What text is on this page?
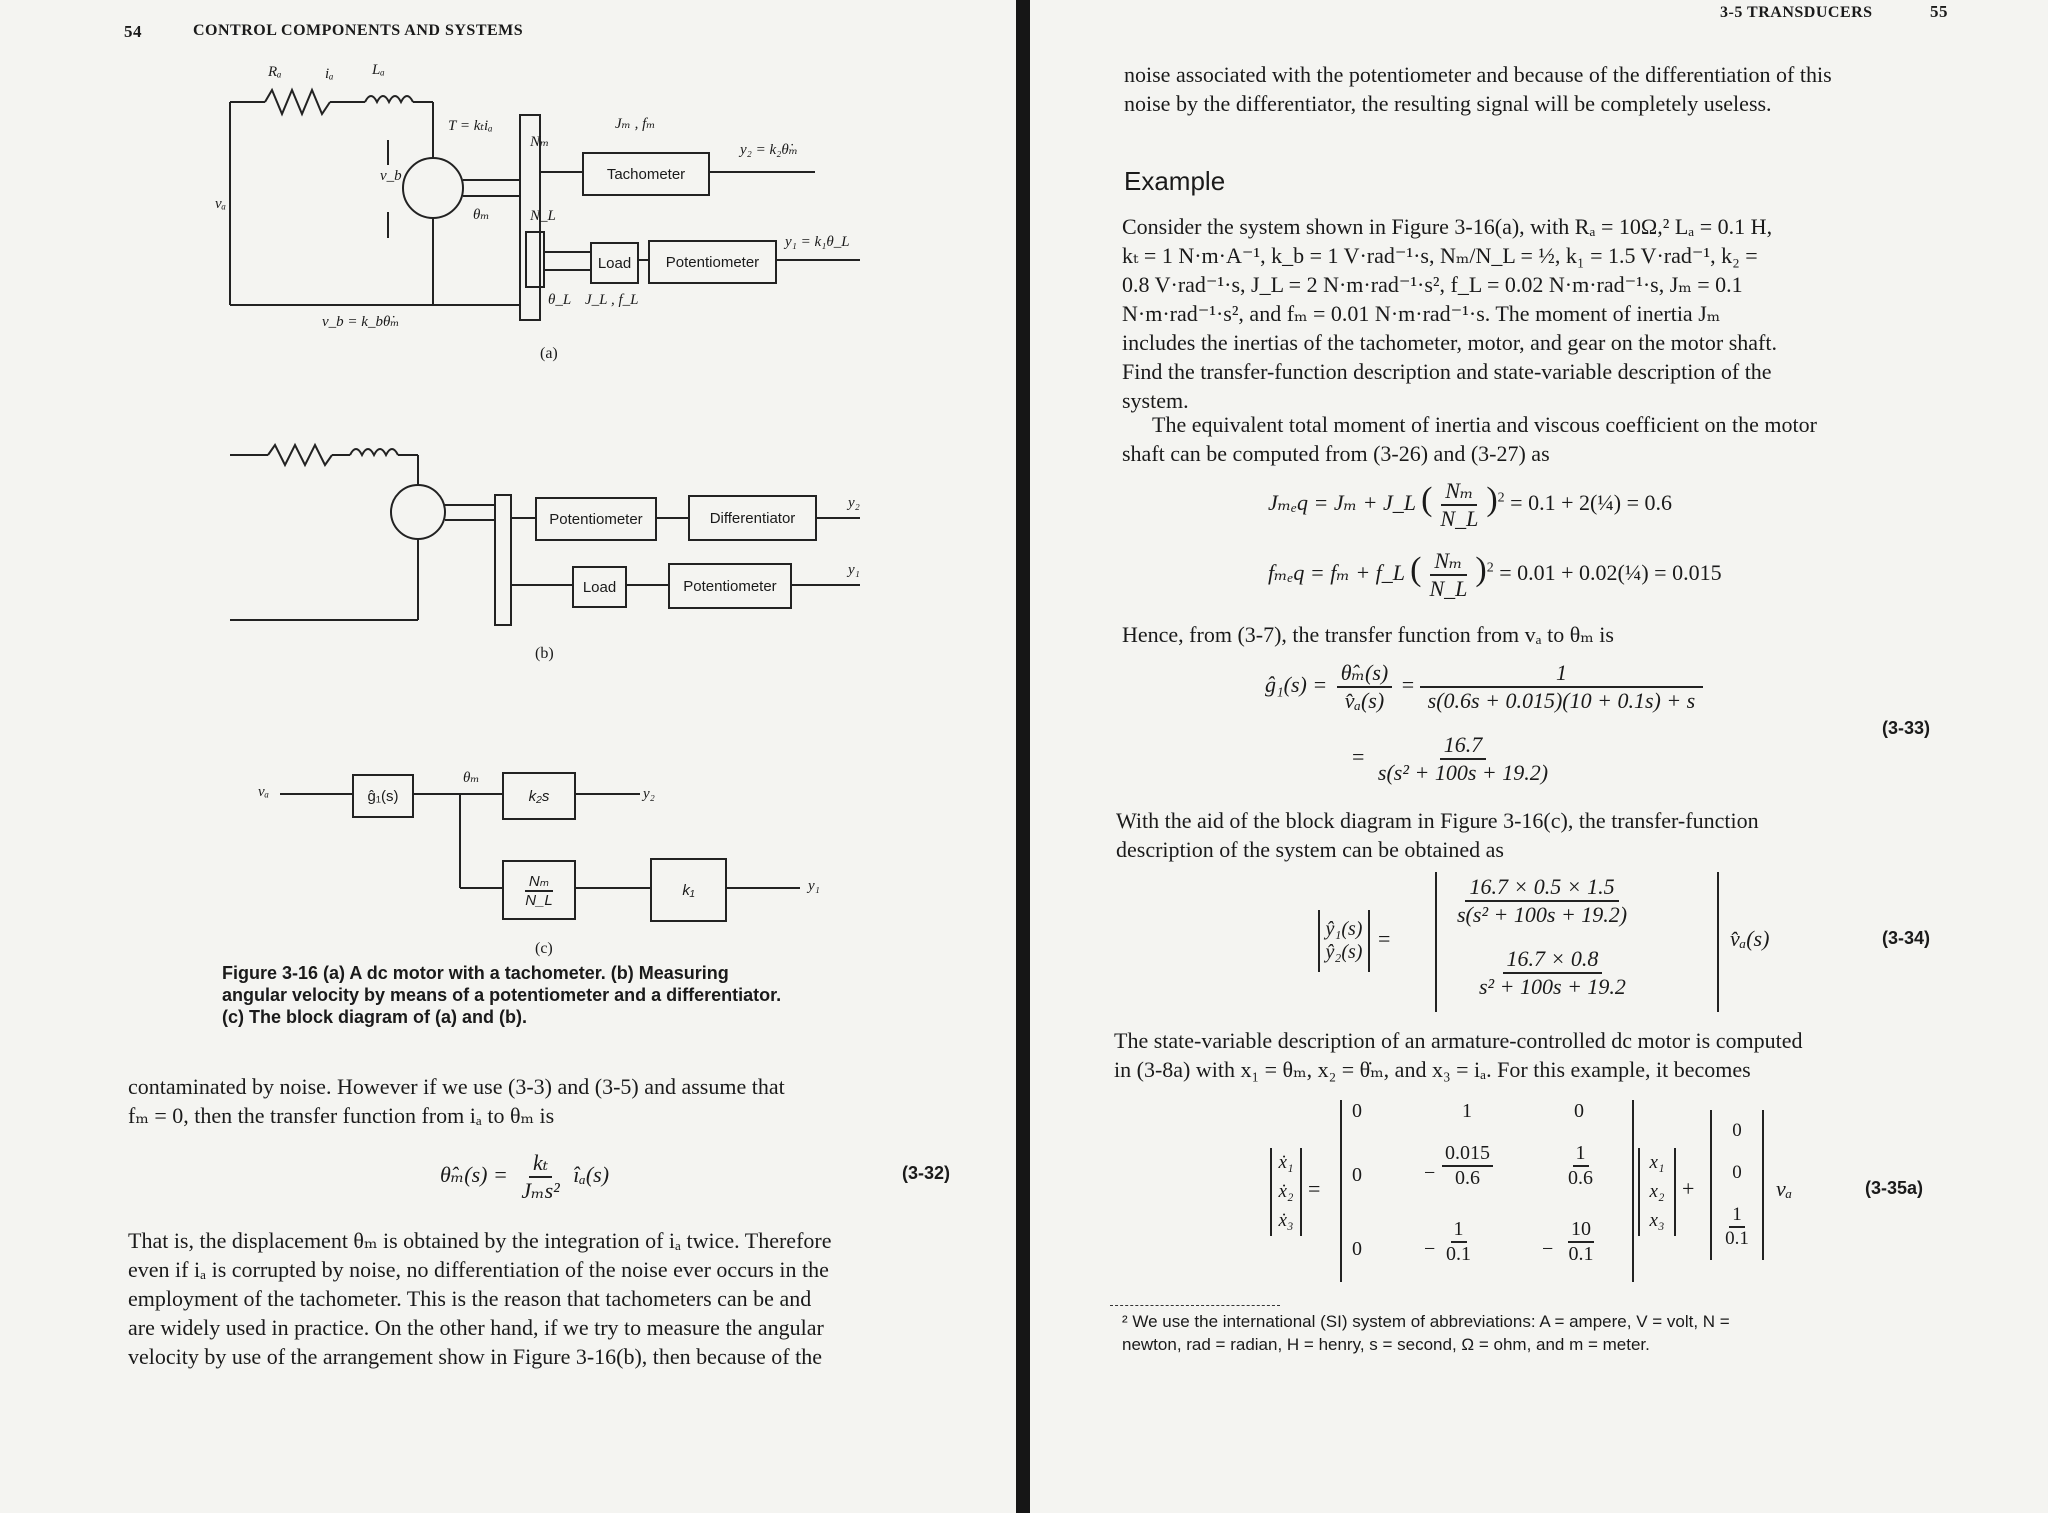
54	CONTROL COMPONENTS AND SYSTEMS
Rₐ	iₐ	Lₐ
T = kₜiₐ	Jₘ , fₘ
Nₘ
N_L
v_b
vₐ
θₘ
Tachometer
y₂ = k₂θ̇ₘ
Load	Potentiometer
y₁ = k₁θ_L
θ_L J_L , f_L
v_b = k_bθ̇ₘ
(a)
Potentiometer	Differentiator
y₂
Load	Potentiometer
y₁
(b)
vₐ	ĝ₁(s)
θₘ
k₂s	y₂
$\frac{\text{Nₘ}}{N\_L}$	k₁	y₁
(c)
Figure 3-16 (a) A dc motor with a tachometer. (b) Measuring
angular velocity by means of a potentiometer and a differentiator.
(c) The block diagram of (a) and (b).
contaminated by noise. However if we use (3-3) and (3-5) and assume that
fₘ = 0, then the transfer function from iₐ to θₘ is
θ̂ₘ(s) = $\frac{\text{kₜ}}{\text{Jₘs²}}$ îₐ(s)	(3-32)
That is, the displacement θₘ is obtained by the integration of iₐ twice. Therefore
even if iₐ is corrupted by noise, no differentiation of the noise ever occurs in the
employment of the tachometer. This is the reason that tachometers can be and
are widely used in practice. On the other hand, if we try to measure the angular
velocity by use of the arrangement show in Figure 3-16(b), then because of the
3-5 TRANSDUCERS	55
noise associated with the potentiometer and because of the differentiation of this
noise by the differentiator, the resulting signal will be completely useless.
Example
Consider the system shown in Figure 3-16(a), with Rₐ = 10Ω,² Lₐ = 0.1 H,
kₜ = 1 N·m·A⁻¹, k_b = 1 V·rad⁻¹·s, Nₘ/N_L = ½, k₁ = 1.5 V·rad⁻¹, k₂ =
0.8 V·rad⁻¹·s, J_L = 2 N·m·rad⁻¹·s², f_L = 0.02 N·m·rad⁻¹·s, Jₘ = 0.1
N·m·rad⁻¹·s², and fₘ = 0.01 N·m·rad⁻¹·s. The moment of inertia Jₘ
includes the inertias of the tachometer, motor, and gear on the motor shaft.
Find the transfer-function description and state-variable description of the
system.
The equivalent total moment of inertia and viscous coefficient on the motor
shaft can be computed from (3-26) and (3-27) as
Jₘₑq = Jₘ + J_L ( $\frac{\text{Nₘ}}{N\_L} )^2 = 0.1$ + 2(¼) = 0.6
fₘₑq = fₘ + f_L ( $\frac{\text{Nₘ}}{N\_L} )^2 = 0.01$ + 0.02(¼) = 0.015
Hence, from (3-7), the transfer function from vₐ to θₘ is
ĝ₁(s) = $\frac{\text{θ̂ₘ(s)}}{\text{v̂ₐ(s)}} = \frac{1}{s(0.6s + 0.015)(10 + 0.1s) + s}$
= $\frac{16.7}{\text{s(s² + 100s + 19.2)}}$
(3-33)
With the aid of the block diagram in Figure 3-16(c), the transfer-function
description of the system can be obtained as
ŷ₁(s)
ŷ₂(s)
=
$\frac{16.7 \times 0.5 \times 1.5}{\text{s(s² + 100s + 19.2)}}$
$\frac{16.7 \times 0.8}{\text{s² + 100s + 19.2}}$
v̂ₐ(s)	(3-34)
The state-variable description of an armature-controlled dc motor is computed
in (3-8a) with x₁ = θₘ, x₂ = θ̇ₘ, and x₃ = iₐ. For this example, it becomes
ẋ₁
ẋ₂
ẋ₃
=
0	1	0
0	− $\frac{0.015}{0.6}$	$\frac{1}{0.6}$
0	− $\frac{1}{0.1}$	− $\frac{10}{0.1}$
x₁
x₂
x₃
+
0
0
$\frac{1}{0.1}$
vₐ	(3-35a)
² We use the international (SI) system of abbreviations: A = ampere, V = volt, N =
newton, rad = radian, H = henry, s = second, Ω = ohm, and m = meter.
